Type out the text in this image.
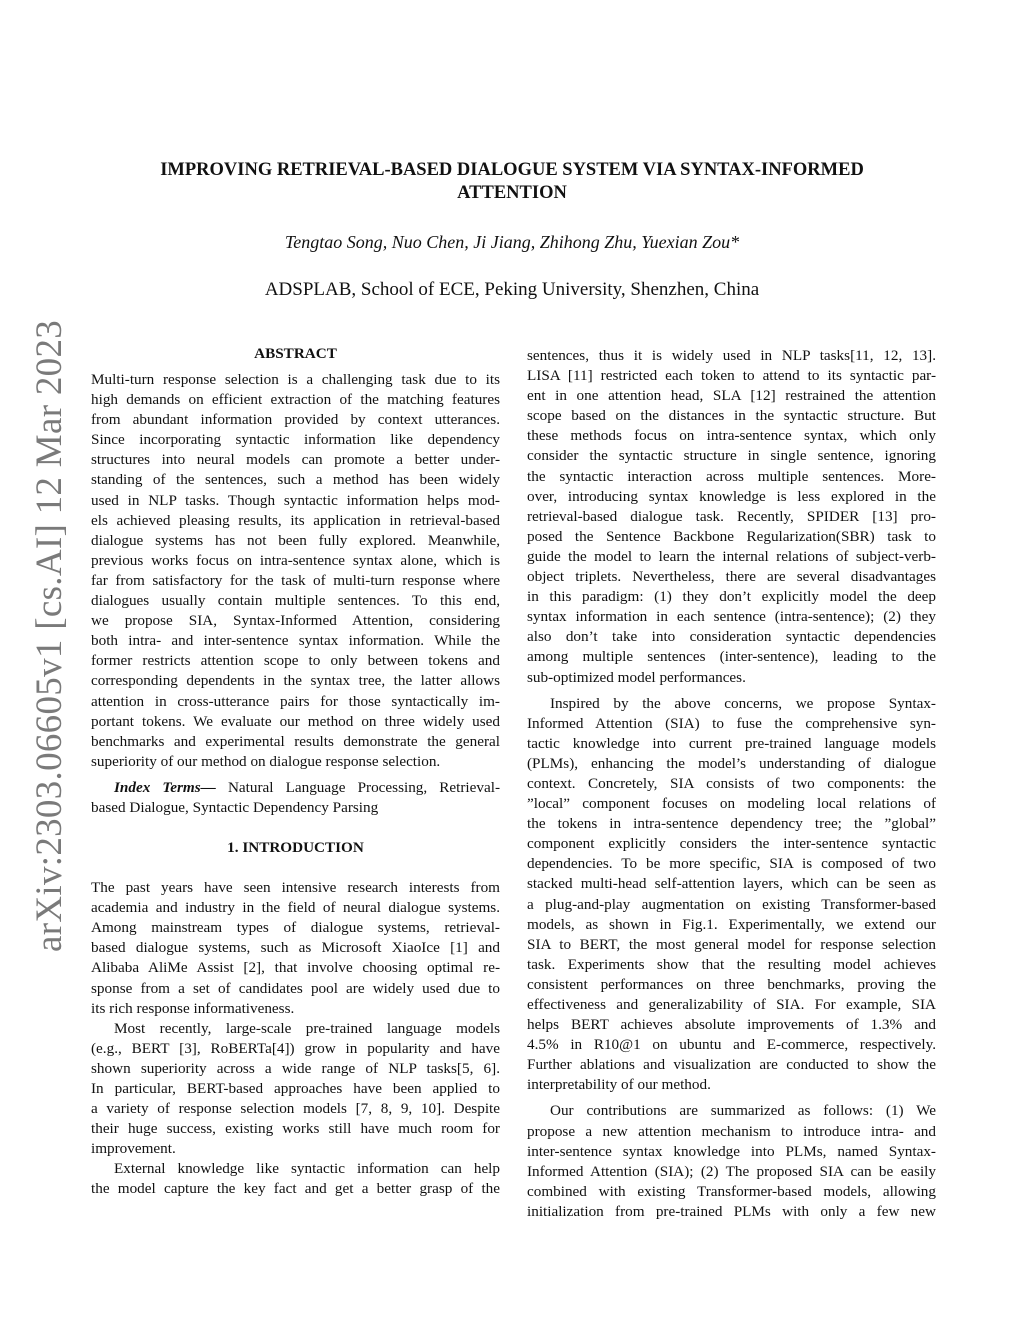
arXiv:2303.06605v1 [cs.AI] 12 Mar 2023
IMPROVING RETRIEVAL-BASED DIALOGUE SYSTEM VIA SYNTAX-INFORMED
ATTENTION
Tengtao Song, Nuo Chen, Ji Jiang, Zhihong Zhu, Yuexian Zou*
ADSPLAB, School of ECE, Peking University, Shenzhen, China
ABSTRACT
Multi-turn response selection is a challenging task due to its
high demands on efficient extraction of the matching features
from abundant information provided by context utterances.
Since incorporating syntactic information like dependency
structures into neural models can promote a better under-
standing of the sentences, such a method has been widely
used in NLP tasks. Though syntactic information helps mod-
els achieved pleasing results, its application in retrieval-based
dialogue systems has not been fully explored. Meanwhile,
previous works focus on intra-sentence syntax alone, which is
far from satisfactory for the task of multi-turn response where
dialogues usually contain multiple sentences. To this end,
we propose SIA, Syntax-Informed Attention, considering
both intra- and inter-sentence syntax information. While the
former restricts attention scope to only between tokens and
corresponding dependents in the syntax tree, the latter allows
attention in cross-utterance pairs for those syntactically im-
portant tokens. We evaluate our method on three widely used
benchmarks and experimental results demonstrate the general
superiority of our method on dialogue response selection.
Index Terms— Natural Language Processing, Retrieval-
based Dialogue, Syntactic Dependency Parsing
1. INTRODUCTION
The past years have seen intensive research interests from
academia and industry in the field of neural dialogue systems.
Among mainstream types of dialogue systems, retrieval-
based dialogue systems, such as Microsoft XiaoIce [1] and
Alibaba AliMe Assist [2], that involve choosing optimal re-
sponse from a set of candidates pool are widely used due to
its rich response informativeness.
Most recently, large-scale pre-trained language models
(e.g., BERT [3], RoBERTa[4]) grow in popularity and have
shown superiority across a wide range of NLP tasks[5, 6].
In particular, BERT-based approaches have been applied to
a variety of response selection models [7, 8, 9, 10]. Despite
their huge success, existing works still have much room for
improvement.
External knowledge like syntactic information can help
the model capture the key fact and get a better grasp of the
sentences, thus it is widely used in NLP tasks[11, 12, 13].
LISA [11] restricted each token to attend to its syntactic par-
ent in one attention head, SLA [12] restrained the attention
scope based on the distances in the syntactic structure. But
these methods focus on intra-sentence syntax, which only
consider the syntactic structure in single sentence, ignoring
the syntactic interaction across multiple sentences. More-
over, introducing syntax knowledge is less explored in the
retrieval-based dialogue task. Recently, SPIDER [13] pro-
posed the Sentence Backbone Regularization(SBR) task to
guide the model to learn the internal relations of subject-verb-
object triplets. Nevertheless, there are several disadvantages
in this paradigm: (1) they don’t explicitly model the deep
syntax information in each sentence (intra-sentence); (2) they
also don’t take into consideration syntactic dependencies
among multiple sentences (inter-sentence), leading to the
sub-optimized model performances.
Inspired by the above concerns, we propose Syntax-
Informed Attention (SIA) to fuse the comprehensive syn-
tactic knowledge into current pre-trained language models
(PLMs), enhancing the model’s understanding of dialogue
context. Concretely, SIA consists of two components: the
”local” component focuses on modeling local relations of
the tokens in intra-sentence dependency tree; the ”global”
component explicitly considers the inter-sentence syntactic
dependencies. To be more specific, SIA is composed of two
stacked multi-head self-attention layers, which can be seen as
a plug-and-play augmentation on existing Transformer-based
models, as shown in Fig.1. Experimentally, we extend our
SIA to BERT, the most general model for response selection
task. Experiments show that the resulting model achieves
consistent performances on three benchmarks, proving the
effectiveness and generalizability of SIA. For example, SIA
helps BERT achieves absolute improvements of 1.3% and
4.5% in R10@1 on ubuntu and E-commerce, respectively.
Further ablations and visualization are conducted to show the
interpretability of our method.
Our contributions are summarized as follows: (1) We
propose a new attention mechanism to introduce intra- and
inter-sentence syntax knowledge into PLMs, named Syntax-
Informed Attention (SIA); (2) The proposed SIA can be easily
combined with existing Transformer-based models, allowing
initialization from pre-trained PLMs with only a few new
